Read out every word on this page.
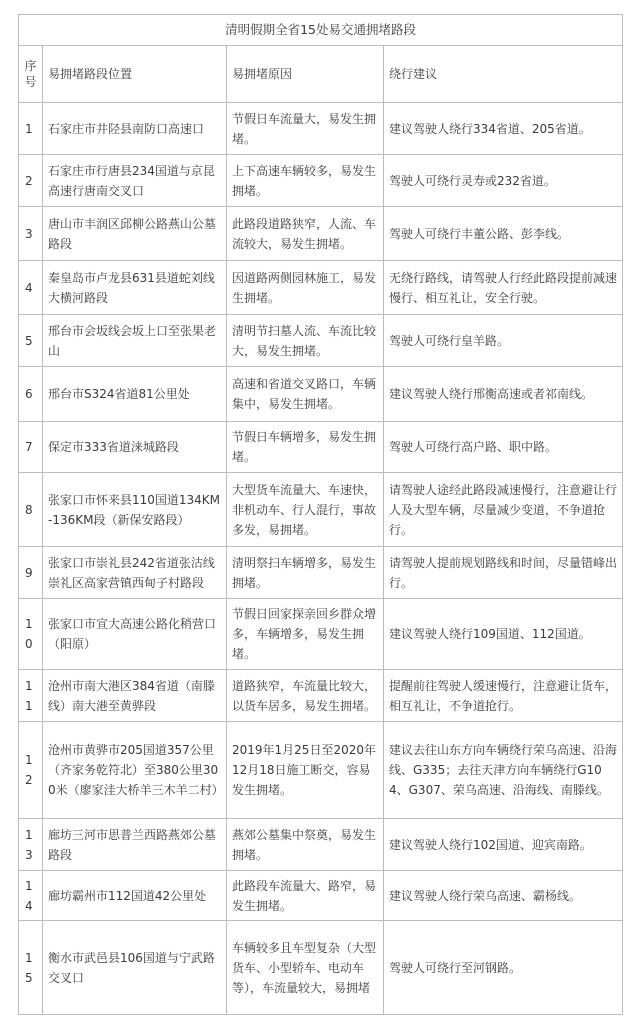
清明假期全省15处易交通拥堵路段			
序号	易拥堵路段位置	易拥堵原因	绕行建议
1	石家庄市井陉县南防口高速口	节假日车流量大，易发生拥堵。	建议驾驶人绕行334省道、205省道。
2	石家庄市行唐县234国道与京昆高速行唐南交叉口	上下高速车辆较多，易发生拥堵。	驾驶人可绕行灵寿或232省道。
3	唐山市丰润区邱柳公路燕山公墓路段	此路段道路狭窄，人流、车流较大，易发生拥堵。	驾驶人可绕行丰董公路、彭李线。
4	秦皇岛市卢龙县631县道蛇刘线大横河路段	因道路两侧园林施工，易发生拥堵。	无绕行路线，请驾驶人行经此路段提前减速慢行、相互礼让，安全行驶。
5	邢台市会坂线会坂上口至张果老山	清明节扫墓人流、车流比较大，易发生拥堵。	驾驶人可绕行皇羊路。
6	邢台市S324省道81公里处	高速和省道交叉路口，车辆集中，易发生拥堵。	建议驾驶人绕行邢衡高速或者祁南线。
7	保定市333省道涞城路段	节假日车辆增多，易发生拥堵。	驾驶人可绕行高户路、职中路。
8	张家口市怀来县110国道134KM-136KM段（新保安路段）	大型货车流量大、车速快，非机动车、行人混行，事故多发，易拥堵。	请驾驶人途经此路段减速慢行，注意避让行人及大型车辆，尽量减少变道，不争道抢行。
9	张家口市崇礼县242省道张沽线崇礼区高家营镇西甸子村路段	清明祭扫车辆增多，易发生拥堵。	请驾驶人提前规划路线和时间，尽量错峰出行。
10	张家口市宣大高速公路化稍营口（阳原）	节假日回家探亲回乡群众增多，车辆增多，易发生拥堵。	建议驾驶人绕行109国道、112国道。
11	沧州市南大港区384省道（南滕线）南大港至黄骅段	道路狭窄，车流量比较大，以货车居多，易发生拥堵。	提醒前往驾驶人缓速慢行，注意避让货车，相互礼让，不争道抢行。
12	沧州市黄骅市205国道357公里（齐家务乾符北）至380公里300米（廖家洼大桥羊三木羊二村）	2019年1月25日至2020年12月18日施工断交，容易发生拥堵。	建议去往山东方向车辆绕行荣乌高速、沿海线、G335；去往天津方向车辆绕行G104、G307、荣乌高速、沿海线、南滕线。
13	廊坊三河市思普兰西路燕郊公墓路段	燕郊公墓集中祭奠，易发生拥堵。	建议驾驶人绕行102国道、迎宾南路。
14	廊坊霸州市112国道42公里处	此路段车流量大、路窄，易发生拥堵。	建议驾驶人绕行荣乌高速、霸杨线。
15	衡水市武邑县106国道与宁武路交叉口	车辆较多且车型复杂（大型货车、小型轿车、电动车等），车流量较大，易拥堵	驾驶人可绕行至河钢路。
